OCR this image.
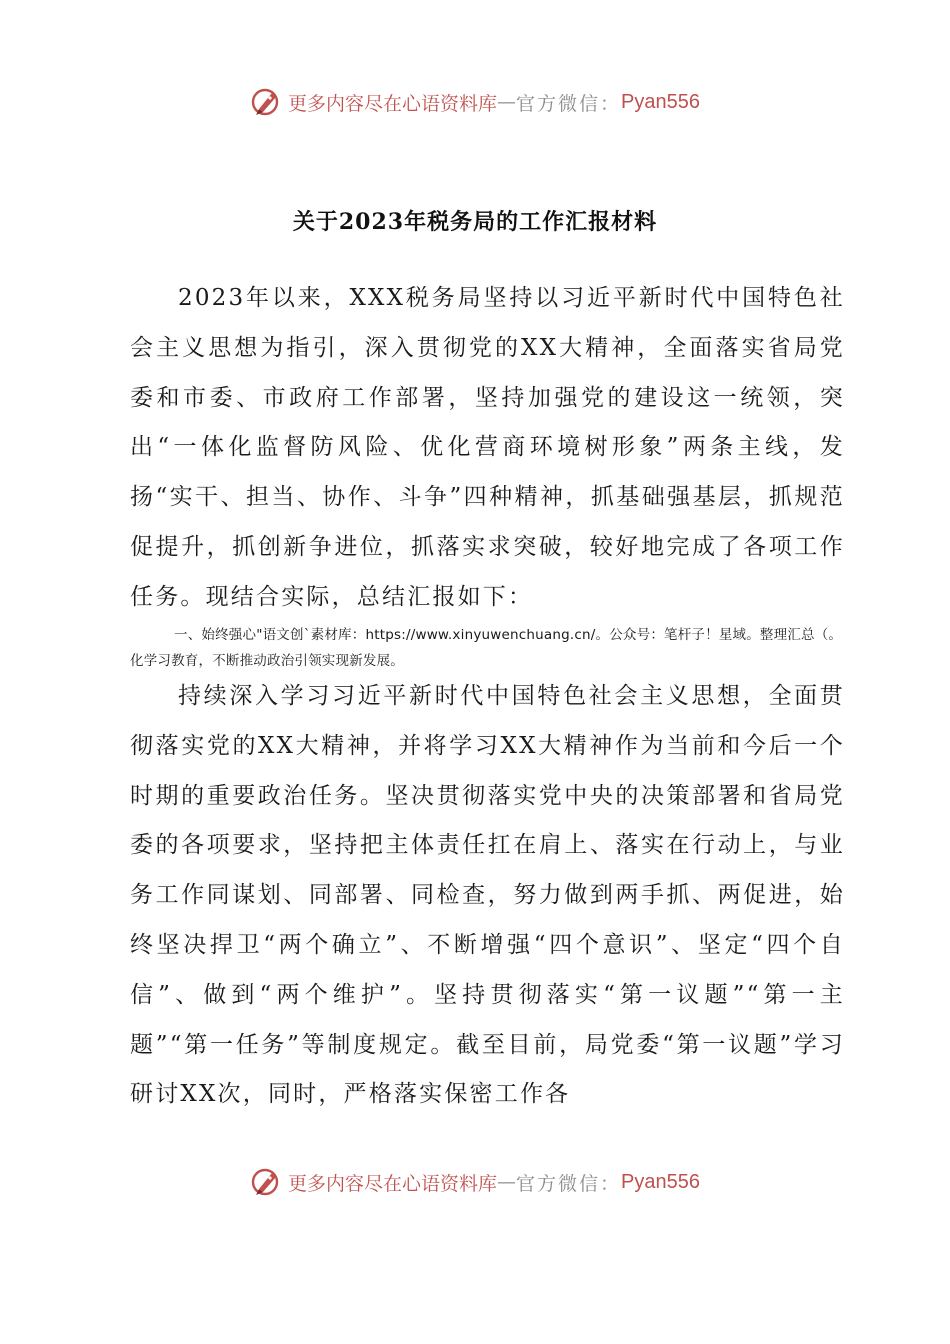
更多内容尽在心语资料库 — 官方微信： Pyan556
关于2023年税务局的工作汇报材料

2023年以来，XXX税务局坚持以习近平新时代中国特色社会主义思想为指引，深入贯彻党的XX大精神，全面落实省局党委和市委、市政府工作部署，坚持加强党的建设这一统领，突出“一体化监督防风险、优化营商环境树形象”两条主线，发扬“实干、担当、协作、斗争”四种精神，抓基础强基层，抓规范促提升，抓创新争进位，抓落实求突破，较好地完成了各项工作任务。现结合实际，总结汇报如下：

一、始终强心"语文创`素材库：https://www.xinyuwenchuang.cn/。公众号：笔杆子！星域。整理汇总（。化学习教育，不断推动政治引领实现新发展。

持续深入学习习近平新时代中国特色社会主义思想，全面贯彻落实党的XX大精神，并将学习XX大精神作为当前和今后一个时期的重要政治任务。坚决贯彻落实党中央的决策部署和省局党委的各项要求，坚持把主体责任扛在肩上、落实在行动上，与业务工作同谋划、同部署、同检查，努力做到两手抓、两促进，始终坚决捍卫“两个确立”、不断增强“四个意识”、坚定“四个自信”、做到“两个维护”。坚持贯彻落实“第一议题”“第一主题”“第一任务”等制度规定。截至目前，局党委“第一议题”学习研讨XX次，同时，严格落实保密工作各

更多内容尽在心语资料库 — 官方微信： Pyan556
